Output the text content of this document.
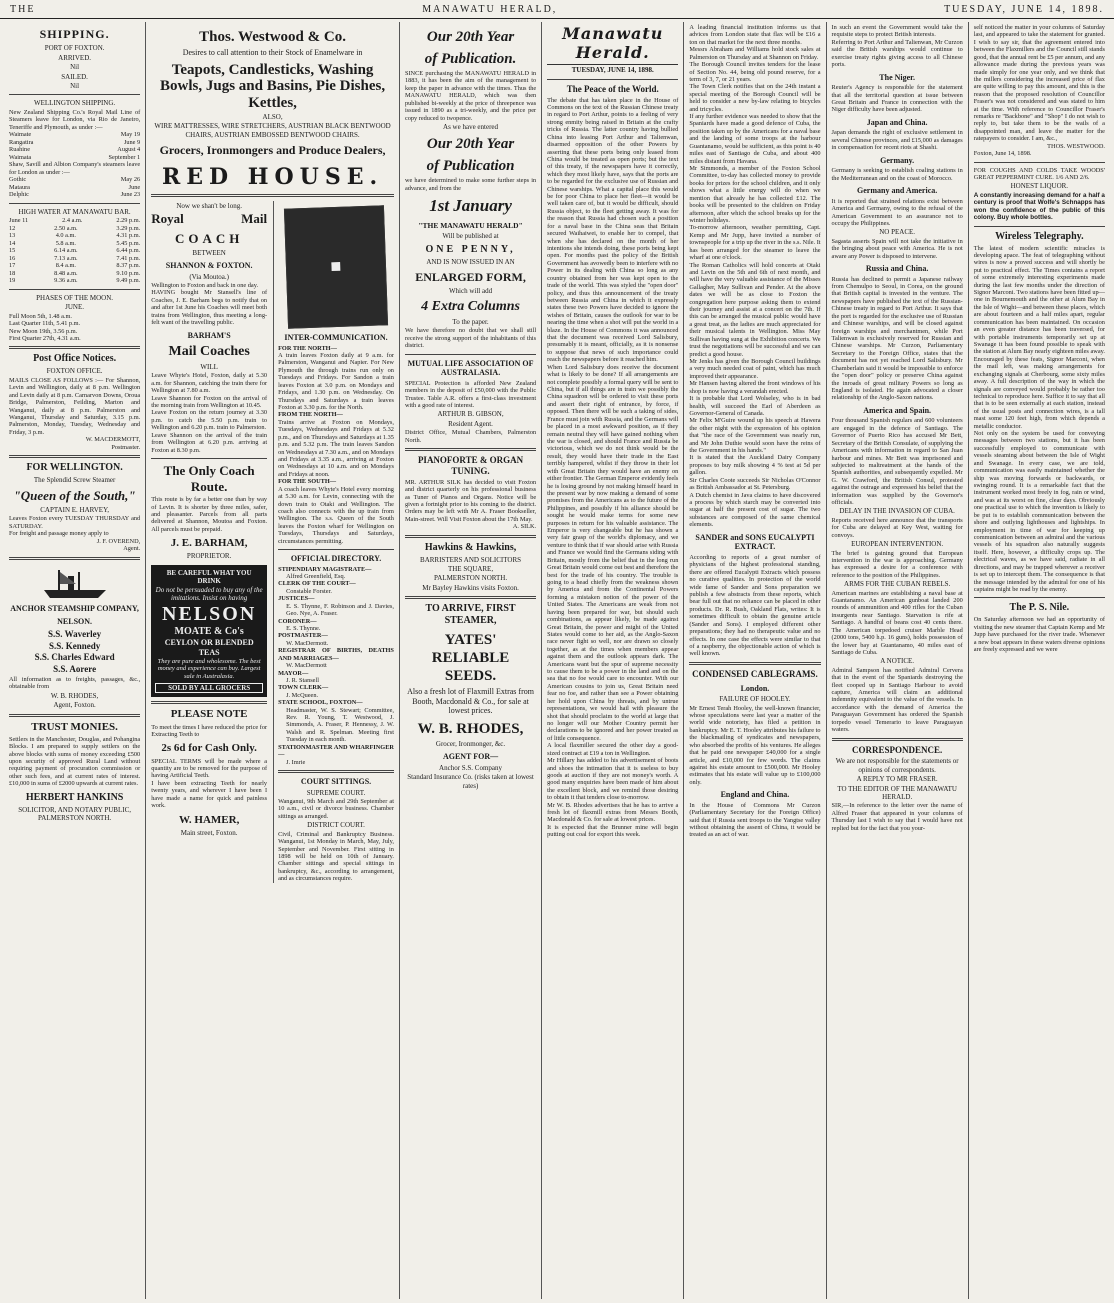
THE	MANAWATU HERALD,	TUESDAY, JUNE 14, 1898.
SHIPPING.
PORT OF FOXTON.
ARRIVED.
Nil
SAILED.
Nil
WELLINGTON SHIPPING.
New Zealand Shipping Co.'s Royal Mail Line of Steamers leave for London, via Rio de Janeiro, Teneriffe and Plymouth, as under :—
Waimate	May 19
Rangatira	June 9
Ruahine	August 4
Waimata	September 1
Shaw, Savill and Albion Company's steamers leave for London as under :—
Gothic	May 26
Mataura	June
Delphic	June 23
HIGH WATER AT MANAWATU BAR.
June 11	2.4 a.m.	2.29 p.m.
12	2.50 a.m.	3.29 p.m.
13	4.0 a.m.	4.31 p.m.
14	5.8 a.m.	5.45 p.m.
15	6.14 a.m.	6.44 p.m.
16	7.13 a.m.	7.41 p.m.
17	8.4 a.m.	8.37 p.m.
18	8.48 a.m.	9.10 p.m.
19	9.36 a.m.	9.49 p.m.
PHASES OF THE MOON.
JUNE.
Full Moon 5th, 1.48 a.m.
Last Quarter 11th, 5.41 p.m.
New Moon 19th, 3.56 p.m.
First Quarter 27th, 4.31 a.m.
Post Office Notices.
FOXTON OFFICE.
MAILS CLOSE AS FOLLOWS :— For Shannon, Levin and Wellington, daily at 8 p.m. Wellington and Levin daily at 8 p.m. Carnarvon Downs, Oroua Bridge, Palmerston, Feilding, Marton and Wanganui, daily at 8 p.m. Palmerston and Wanganui, Thursday and Saturday, 3.15 p.m. Palmerston, Monday, Tuesday, Wednesday and Friday, 3 p.m.
W. MACDERMOTT,
Postmaster.
FOR WELLINGTON.
The Splendid Screw Steamer
"Queen of the South,"
CAPTAIN E. HARVEY,
Leaves Foxton every TUESDAY THURSDAY and SATURDAY.
For freight and passage money apply to
J. F. OVEREND,
Agent.
ANCHOR STEAMSHIP COMPANY,
NELSON.
S.S. Waverley
S.S. Kennedy
S.S. Charles Edward
S.S. Aorere
All information as to freights, passages, &c., obtainable from
W. B. RHODES,
Agent, Foxton.
TRUST MONIES.
Settlers in the Manchester, Douglas, and Pohangina Blocks. I am prepared to supply settlers on the above blocks with sums of money exceeding £500 upon security of approved Rural Land without requiring payment of procuration commission or other such fees, and at current rates of interest. £10,000 in sums of £2000 upwards at current rates.
HERBERT HANKINS
SOLICITOR, AND NOTARY PUBLIC, PALMERSTON NORTH.
Thos. Westwood & Co.
Desires to call attention to their Stock of Enamelware in
Teapots, Candlesticks, Washing Bowls, Jugs and Basins, Pie Dishes, Kettles,
ALSO,
WIRE MATTRESSES, WIRE STRETCHERS, AUSTRIAN BLACK BENTWOOD CHAIRS, AUSTRIAN EMBOSSED BENTWOOD CHAIRS.
Grocers, Ironmongers and Produce Dealers,
RED HOUSE.
Now we shan't be long.
Royal	Mail
COACH
BETWEEN
SHANNON & FOXTON.
(Via Moutoa.)
Wellington to Foxton and back in one day.
HAVING bought Mr Stansell's line of Coaches, J. E. Barham begs to notify that on and after 1st June his Coaches will meet both trains from Wellington, thus meeting a long-felt want of the travelling public.
BARHAM'S
Mail Coaches
WILL
Leave Whyte's Hotel, Foxton, daily at 5.30 a.m. for Shannon, catching the train there for Wellington at 7.80 a.m.
Leave Shannon for Foxton on the arrival of the morning train from Wellington at 10.45.
Leave Foxton on the return journey at 3.30 p.m. to catch the 5.50 p.m. train to Wellington and 6.20 p.m. train to Palmerston.
Leave Shannon on the arrival of the train from Wellington at 6.20 p.m. arriving at Foxton at 8.30 p.m.
The Only Coach Route.
This route is by far a better one than by way of Levin. It is shorter by three miles, safer, and pleasanter. Parcels from all parts delivered at Shannon, Moutoa and Foxton. All parcels must be prepaid.
J. E. BARHAM,
PROPRIETOR.
BE CAREFUL WHAT YOU DRINK
Do not be persuaded to buy any of the imitations. Insist on having
NELSON
MOATE & Co's
CEYLON OR BLENDED TEAS
They are pure and wholesome. The best money and experience can buy. Largest sale in Australasia.
SOLD BY ALL GROCERS
PLEASE NOTE
To meet the times I have reduced the price for Extracting Teeth to
2s 6d for Cash Only.
SPECIAL TERMS will be made where a quantity are to be removed for the purpose of having Artificial Teeth.
I have been extracting Teeth for nearly twenty years, and wherever I have been I have made a name for quick and painless work.
W. HAMER,
Main street, Foxton.
■
INTER-COMMUNICATION.
FOR THE NORTH—
A train leaves Foxton daily at 9 a.m. for Palmerston, Wanganui and Napier. For New Plymouth the through trains run only on Tuesdays and Fridays. For Sandon a train leaves Foxton at 3.0 p.m. on Mondays and Fridays, and 1.30 p.m. on Wednesday. On Thursdays and Saturdays a train leaves Foxton at 3.30 p.m. for the North.
FROM THE NORTH—
Trains arrive at Foxton on Mondays, Tuesdays, Wednesdays and Fridays at 5.32 p.m., and on Thursdays and Saturdays at 1.35 p.m. and 5.32 p.m. The train leaves Sandon on Wednesdays at 7.30 a.m., and on Mondays and Fridays at 3.35 a.m., arriving at Foxton on Wednesdays at 10 a.m. and on Mondays and Fridays at noon.
FOR THE SOUTH—
A coach leaves Whyte's Hotel every morning at 5.30 a.m. for Levin, connecting with the down train to Otaki and Wellington. The coach also connects with the up train from Wellington. The s.s. Queen of the South leaves the Foxton wharf for Wellington on Tuesdays, Thursdays and Saturdays, circumstances permitting.
OFFICIAL DIRECTORY.
STIPENDIARY MAGISTRATE—
Alfred Greenfield, Esq.
CLERK OF THE COURT—
Constable Forster.
JUSTICES—
E. S. Thynne, F. Robinson and J. Davies, Geo. Nye, A. Fraser.
CORONER—
E. S. Thynne.
POSTMASTER—
W. MacDermott.
REGISTRAR OF BIRTHS, DEATHS AND MARRIAGES—
W. MacDermott
MAYOR—
J. R. Stansell
TOWN CLERK—
J. McQueen.
STATE SCHOOL, FOXTON—
Headmaster, W. S. Stewart; Committee, Rev. R. Young, T. Westwood, J. Simmonds, A. Fraser, P. Hennessy, J. W. Walsh and R. Spelman. Meeting first Tuesday in each month.
STATIONMASTER AND WHARFINGER—
J. Imrie
COURT SITTINGS.
SUPREME COURT.
Wanganui, 9th March and 29th September at 10 a.m., civil or divorce business. Chamber sittings as arranged.
DISTRICT COURT.
Civil, Criminal and Bankruptcy Business. Wanganui, 1st Monday in March, May, July, September and November. First sitting in 1898 will be held on 10th of January. Chamber sittings and special sittings in bankruptcy, &c., according to arrangement, and as circumstances require.
Our 20th Year
of Publication.
SINCE purchasing the MANAWATU HERALD in 1883, it has been the aim of the management to keep the paper in advance with the times. Thus the MANAWATU HERALD, which was then published bi-weekly at the price of threepence was issued in 1890 as a tri-weekly, and the price per copy reduced to twopence.
As we have entered
Our 20th Year
of Publication
we have determined to make some further steps in advance, and from the
1st January
"THE MANAWATU HERALD"
Will be published at
ONE PENNY,
AND IS NOW ISSUED IN AN
ENLARGED FORM,
Which will add
4 Extra Columns
To the paper.
We have therefore no doubt that we shall still receive the strong support of the inhabitants of this district.
MUTUAL LIFE ASSOCIATION OF AUSTRALASIA.
SPECIAL Protection is afforded New Zealand members in the deposit of £50,000 with the Public Trustee. Table A.R. offers a first-class investment with a good rate of interest.
ARTHUR B. GIBSON,
Resident Agent.
District Office, Mutual Chambers, Palmerston North.
PIANOFORTE & ORGAN TUNING.
MR. ARTHUR SILK has decided to visit Foxton and district quarterly on his professional business as Tuner of Pianos and Organs. Notice will be given a fortnight prior to his coming to the district. Orders may be left with Mr A. Fraser Bookseller, Main-street. Will Visit Foxton about the 17th May.
A. SILK.
Hawkins & Hawkins,
BARRISTERS AND SOLICITORS
THE SQUARE,
PALMERSTON NORTH.
Mr Bayley Hawkins visits Foxton.
TO ARRIVE, FIRST STEAMER,
YATES' RELIABLE SEEDS.
Also a fresh lot of Flaxmill Extras from Booth, Macdonald & Co., for sale at lowest prices.
W. B. RHODES,
Grocer, Ironmonger, &c.
AGENT FOR—
Anchor S.S. Company
Standard Insurance Co. (risks taken at lowest rates)
Manawatu Herald.
TUESDAY, JUNE 14, 1898.
The Peace of the World.
The debate that has taken place in the House of Commons on the text of the Russian Chinese treaty in regard to Port Arthur, points to a feeling of very strong enmity being raised in Britain at the crafty tricks of Russia. The latter country having bullied China into leasing Port Arthur and Talienwan, disarmed opposition of the other Powers by asserting that these ports being only leased from China would be treated as open ports; but the text of this treaty, if the newspapers have it correctly, which they most likely have, says that the ports are to be regarded for the exclusive use of Russian and Chinese warships. What a capital place this would be for poor China to place her fleet—it would be well taken care of, but it would be difficult, should Russia object, to the fleet getting away. It was for the reason that Russia had chosen such a position for a naval base in the China seas that Britain secured Waihaiwei, to enable her to compel, that when she has declared on the month of her intentions she intends doing, these ports being kept open. For months past the policy of the British Government has avowedly been to interfere with no Power in its dealing with China so long as any country obtained from her was kept open to the trade of the world. This was styled the "open door" policy, and thus this announcement of the treaty between Russia and China in which it expressly states these two Powers have decided to ignore the wishes of Britain, causes the outlook for war to be nearing the time when a shot will put the world in a blaze. In the House of Commons it was announced that the document was received Lord Salisbury, presumably it is meant, officially, as it is nonsense to suppose that news of such importance could reach the newspapers before it reached him.
When Lord Salisbury does receive the document what is likely to be done? If all arrangements are not complete possibly a formal query will be sent to China, but if all things are in train we possibly the China squadron will be ordered to visit these ports and assert their right of entrance, by force, if opposed. Then there will be such a taking of sides, France must join with Russia, and the Germans will be placed in a most awkward position, as if they remain neutral they will have gained nothing when the war is closed, and should France and Russia be victorious, which we do not think would be the result, they would have their trade in the East terribly hampered, whilst if they throw in their lot with Great Britain they would have an enemy on either frontier. The German Emperor evidently feels he is losing ground by not making himself heard in the present war by now making a demand of some promises from the Americans as to the future of the Philippines, and possibly if his alliance should be sought he would make terms for some new purposes in return for his valuable assistance. The Emperor is very changeable but he has shown a very fair grasp of the world's diplomacy, and we venture to think that if war should arise with Russia and France we would find the Germans siding with Britain, mostly from the belief that in the long run Great Britain would come out best and therefore the best for the trade of his country. The trouble is going to a head chiefly from the weakness shown by America and from the Continental Powers forming a mistaken notion of the power of the United States. The Americans are weak from not having been prepared for war, but should such combinations, as appear likely, be made against Great Britain, the power and might of the United States would come to her aid, as the Anglo-Saxon race never fight so well, nor are drawn so closely together, as at the times when members appear against them and the outlook appears dark. The Americans want but the spur of supreme necessity to cause them to be a power in the land and on the sea that no foe would care to encounter. With our American cousins to join us, Great Britain need fear no foe, and rather than see a Power obtaining her hold upon China by threats, and by untrue representations, we would hail with pleasure the shot that should proclaim to the world at large that no longer will our Mother Country permit her declarations to be ignored and her power treated as of little consequence.
A local flaxmiller secured the other day a good-sized contract at £19 a ton in Wellington.
Mr Hillary has added to his advertisement of boots and shoes the intimation that it is useless to buy goods at auction if they are not money's worth. A good many enquiries have been made of him about the excellent block, and we remind those desiring to obtain it that tenders close to-morrow.
Mr W. B. Rhodes advertises that he has to arrive a fresh lot of flaxmill extras from Messrs Booth, Macdonald & Co. for sale at lowest prices.
It is expected that the Brunner mine will begin putting out coal for export this week.
A leading financial institution informs us that advices from London state that flax will be £16 a ton on that market for the next three months.
Messrs Abraham and Williams hold stock sales at Palmerston on Thursday and at Shannon on Friday.
The Borough Council invites tenders for the lease of Section No. 44, being old pound reserve, for a term of 3, 7, or 21 years.
The Town Clerk notifies that on the 24th instant a special meeting of the Borough Council will be held to consider a new by-law relating to bicycles and tricycles.
If any further evidence was needed to show that the Spaniards have made a good defence of Cuba, the position taken up by the Americans for a naval base and the landing of some troops at the harbour Guantanamo, would be sufficient, as this point is 40 miles east of Santiago de Cuba, and about 400 miles distant from Havana.
Mr Simmonds, a member of the Foxton School Committee, to-day has collected money to provide books for prizes for the school children, and it only shows what a little energy will do when we mention that already he has collected £12. The books will be presented to the children on Friday afternoon, after which the school breaks up for the winter holidays.
To-morrow afternoon, weather permitting, Capt. Kemp and Mr Jupp, have invited a number of townspeople for a trip up the river in the s.s. Nile. It has been arranged for the steamer to leave the wharf at one o'clock.
The Roman Catholics will hold concerts at Otaki and Levin on the 5th and 6th of next month, and will have the very valuable assistance of the Misses Gallagher, May Sullivan and Pender. At the above dates we will be as close to Foxton the congregation here purpose asking them to extend their journey and assist at a concert on the 7th. If this can be arranged the musical public would have a great treat, as the ladies are much appreciated for their musical talents in Wellington. Miss May Sullivan having sung at the Exhibition concerts. We trust the negotiations will be successful and we can predict a good house.
Mr Jenks has given the Borough Council buildings a very much needed coat of paint, which has much improved their appearance.
Mr Hansen having altered the front windows of his shop is now having a verandah erected.
It is probable that Lord Wolseley, who is in bad health, will succeed the Earl of Aberdeen as Governor-General of Canada.
Mr Felix M'Guire wound up his speech at Hawera the other night with the expression of his opinion that "the race of the Government was nearly run, and Mr John Duthie would soon have the reins of the Government in his hands."
It is stated that the Auckland Dairy Company proposes to buy milk showing 4 % test at 5d per gallon.
Sir Charles Coote succeeds Sir Nicholas O'Connor as British Ambassador at St. Petersburg.
A Dutch chemist in Java claims to have discovered a process by which starch may be converted into sugar at half the present cost of sugar. The two substances are composed of the same chemical elements.
SANDER and SONS EUCALYPTI EXTRACT.
According to reports of a great number of physicians of the highest professional standing, there are offered Eucalypti Extracts which possess no curative qualities. In protection of the world wide fame of Sander and Sons preparation we publish a few abstracts from these reports, which bear full out that no reliance can be placed in other products. Dr. R. Bush, Oakland Flats, writes: It is sometimes difficult to obtain the genuine article (Sander and Sons). I employed different other preparations; they had no therapeutic value and no effects. In one case the effects were similar to that of a raspberry, the objectionable action of which is well known.
CONDENSED CABLEGRAMS.
London.
FAILURE OF HOOLEY.
Mr Ernest Terah Hooley, the well-known financier, whose speculations were last year a matter of the world wide notoriety, has filed a petition in bankruptcy. Mr E. T. Hooley attributes his failure to the blackmailing of syndicates and newspapers, who absorbed the profits of his ventures. He alleges that he paid one newspaper £40,000 for a single article, and £10,000 for few words. The claims against his estate amount to £500,000. Mr Hooley estimates that his estate will value up to £100,000 only.
England and China.
In the House of Commons Mr Curzon (Parliamentary Secretary for the Foreign Office) said that if Russia sent troops to the Yangtse valley without obtaining the assent of China, it would be treated as an act of war.
In such an event the Government would take the requisite steps to protect British interests.
Referring to Port Arthur and Talienwan, Mr Curzon said the British warships would continue to exercise treaty rights giving access to all Chinese ports.
The Niger.
Reuter's Agency is responsible for the statement that all the territorial question at issue between Great Britain and France in connection with the Niger difficulty have been adjusted.
Japan and China.
Japan demands the right of exclusive settlement in several Chinese provinces, and £15,000 as damages in compensation for recent riots at Shashi.
Germany.
Germany is seeking to establish coaling stations in the Mediterranean and on the coast of Morocco.
Germany and America.
It is reported that strained relations exist between America and Germany, owing to the refusal of the American Government to an assurance not to occupy the Philippines.
NO PEACE.
Sagasta asserts Spain will not take the initiative in the bringing about peace with America. He is not aware any Power is disposed to intervene.
Russia and China.
Russia has declined to permit a Japanese railway from Chemulpo to Seoul, in Corea, on the ground that British capital is invested in the venture. The newspapers have published the text of the Russian-Chinese treaty in regard to Port Arthur. It says that the port is regarded for the exclusive use of Russian and Chinese warships, and will be closed against foreign warships and merchantmen, while Port Talienwan is exclusively reserved for Russian and Chinese warships. Mr Curzon, Parliamentary Secretary to the Foreign Office, states that the document has not yet reached Lord Salisbury. Mr Chamberlain said it would be impossible to enforce the "open door" policy or preserve China against the inroads of great military Powers so long as England is isolated. He again advocated a closer relationship of the Anglo-Saxon nations.
America and Spain.
Four thousand Spanish regulars and 600 volunteers are engaged in the defence of Santiago. The Governor of Puerto Rico has accused Mr Bett, Secretary of the British Consulate, of supplying the Americans with information in regard to San Juan harbour and mines. Mr Bett was imprisoned and subjected to maltreatment at the hands of the Spanish authorities, and subsequently expelled. Mr G. W. Crawford, the British Consul, protested against the outrage and expressed his belief that the information was supplied by the Governor's officials.
DELAY IN THE INVASION OF CUBA.
Reports received here announce that the transports for Cuba are delayed at Key West, waiting for convoys.
EUROPEAN INTERVENTION.
The brief is gaining ground that European intervention in the war is approaching. Germany has expressed a desire for a conference with reference to the position of the Philippines.
ARMS FOR THE CUBAN REBELS.
American marines are establishing a naval base at Guantanamo. An American gunboat landed 200 rounds of ammunition and 400 rifles for the Cuban insurgents near Santiago. Starvation is rife at Santiago. A handful of beans cost 40 cents there. The American torpedoed cruiser Marble Head (2000 tons, 5400 h.p. 16 guns), holds possession of the lower bay at Guantanamo, 40 miles east of Santiago de Cuba.
A NOTICE.
Admiral Sampson has notified Admiral Cervera that in the event of the Spaniards destroying the fleet cooped up in Santiago Harbour to avoid capture, America will claim an additional indemnity equivalent to the value of the vessels. In accordance with the demand of America the Paraguayan Government has ordered the Spanish torpedo vessel Temerario to leave Paraguayan waters.
CORRESPONDENCE.
We are not responsible for the statements or opinions of correspondents.
A REPLY TO MR FRASER.
TO THE EDITOR OF THE MANAWATU HERALD.
SIR,—In reference to the letter over the name of Alfred Fraser that appeared in your columns of Thursday last I wish to say that I would have not replied but for the fact that you your-
self noticed the matter in your columns of Saturday last, and appeared to take the statement for granted. I wish to say sir, that the agreement entered into between the Flaxmillers and the Council still stands good, that the annual rent be £5 per annum, and any allowance made during the previous years was made simply for one year only, and we think that the millers considering the increased price of flax are quite willing to pay this amount, and this is the reason that the proposed resolution of Councillor Fraser's was not considered and was stated to him at the time. With reference to Councillor Fraser's remarks re "Backbone" and "Shop" I do not wish to reply to, but take them to be the wails of a disappointed man, and leave the matter for the ratepayers to consider. I am, &c.,
THOS. WESTWOOD.
Foxton, June 14, 1898.
FOR COUGHS AND COLDS TAKE WOODS' GREAT PEPPERMINT CURE. 1/6 AND 2/6.
HONEST LIQUOR.
A constantly increasing demand for a half a century is proof that Wolfe's Schnapps has won the confidence of the public of this colony. Buy whole bottles.
Wireless Telegraphy.
The latest of modern scientific miracles is developing apace. The feat of telegraphing without wires is now a proved success and will shortly be put to practical effect. The Times contains a report of some extremely interesting experiments made during the last few months under the direction of Signor Marconi. Two stations have been fitted up—one in Bournemouth and the other at Alum Bay in the Isle of Wight—and between these places, which are about fourteen and a half miles apart, regular communication has been maintained. On occasion an even greater distance has been traversed, for with portable instruments temporarily set up at Swanage it has been found possible to speak with the station at Alum Bay nearly eighteen miles away. Encouraged by these feats, Signor Marconi, when the mail left, was making arrangements for exchanging signals at Cherbourg, some sixty miles away. A full description of the way in which the signals are conveyed would probably be rather too technical to reproduce here. Suffice it to say that all that is to be seen externally at each station, instead of the usual posts and connection wires, is a tall mast some 120 feet high, from which depends a metallic conductor.
Not only on the system be used for conveying messages between two stations, but it has been successfully employed to communicate with vessels steaming about between the Isle of Wight and Swanage. In every case, we are told, communication was easily maintained whether the ship was moving forwards or backwards, or swinging round. It is a remarkable fact that the instrument worked most freely in fog, rain or wind, and was at its worst on fine, clear days. Obviously one practical use to which the invention is likely to be put is to establish communication between the shore and outlying lighthouses and lightships. In employment in time of war for keeping up communication between an admiral and the various vessels of his squadron also naturally suggests itself. Here, however, a difficulty crops up. The electrical waves, as we have said, radiate in all directions, and may be trapped wherever a receiver is set up to intercept them. The consequence is that the message intended by the admiral for one of his captains might be read by the enemy.
The P. S. Nile.
On Saturday afternoon we had an opportunity of visiting the new steamer that Captain Kemp and Mr Jupp have purchased for the river trade. Whenever a new boat appears in these waters diverse opinions are freely expressed and we were
